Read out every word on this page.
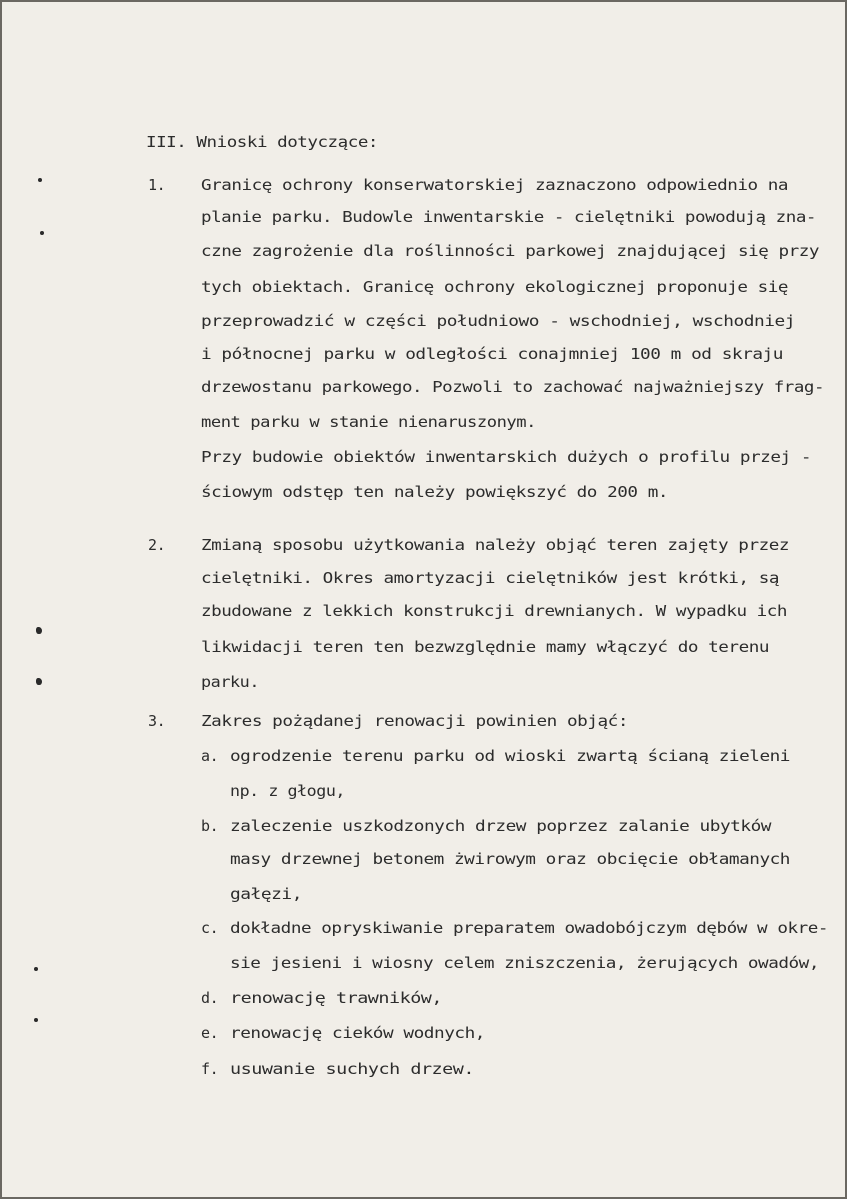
III. Wnioski dotyczące:
1. Granicę ochrony konserwatorskiej zaznaczono odpowiednio na
planie parku. Budowle inwentarskie - cielętniki powodują zna-
czne zagrożenie dla roślinności parkowej znajdującej się przy
tych obiektach. Granicę ochrony ekologicznej proponuje się
przeprowadzić w części południowo - wschodniej, wschodniej
i północnej parku w odległości conajmniej 100 m od skraju
drzewostanu parkowego. Pozwoli to zachować najważniejszy frag-
ment parku w stanie nienaruszonym.
Przy budowie obiektów inwentarskich dużych o profilu przej -
ściowym odstęp ten należy powiększyć do 200 m.
2. Zmianą sposobu użytkowania należy objąć teren zajęty przez
cielętniki. Okres amortyzacji cielętników jest krótki, są
zbudowane z lekkich konstrukcji drewnianych. W wypadku ich
likwidacji teren ten bezwzględnie mamy włączyć do terenu
parku.
3. Zakres pożądanej renowacji powinien objąć:
a. ogrodzenie terenu parku od wioski zwartą ścianą zieleni
np. z głogu,
b. zaleczenie uszkodzonych drzew poprzez zalanie ubytków
masy drzewnej betonem żwirowym oraz obcięcie obłamanych
gałęzi,
c. dokładne opryskiwanie preparatem owadobójczym dębów w okre-
sie jesieni i wiosny celem zniszczenia, żerujących owadów,
d. renowację trawników,
e. renowację cieków wodnych,
f. usuwanie suchych drzew.
